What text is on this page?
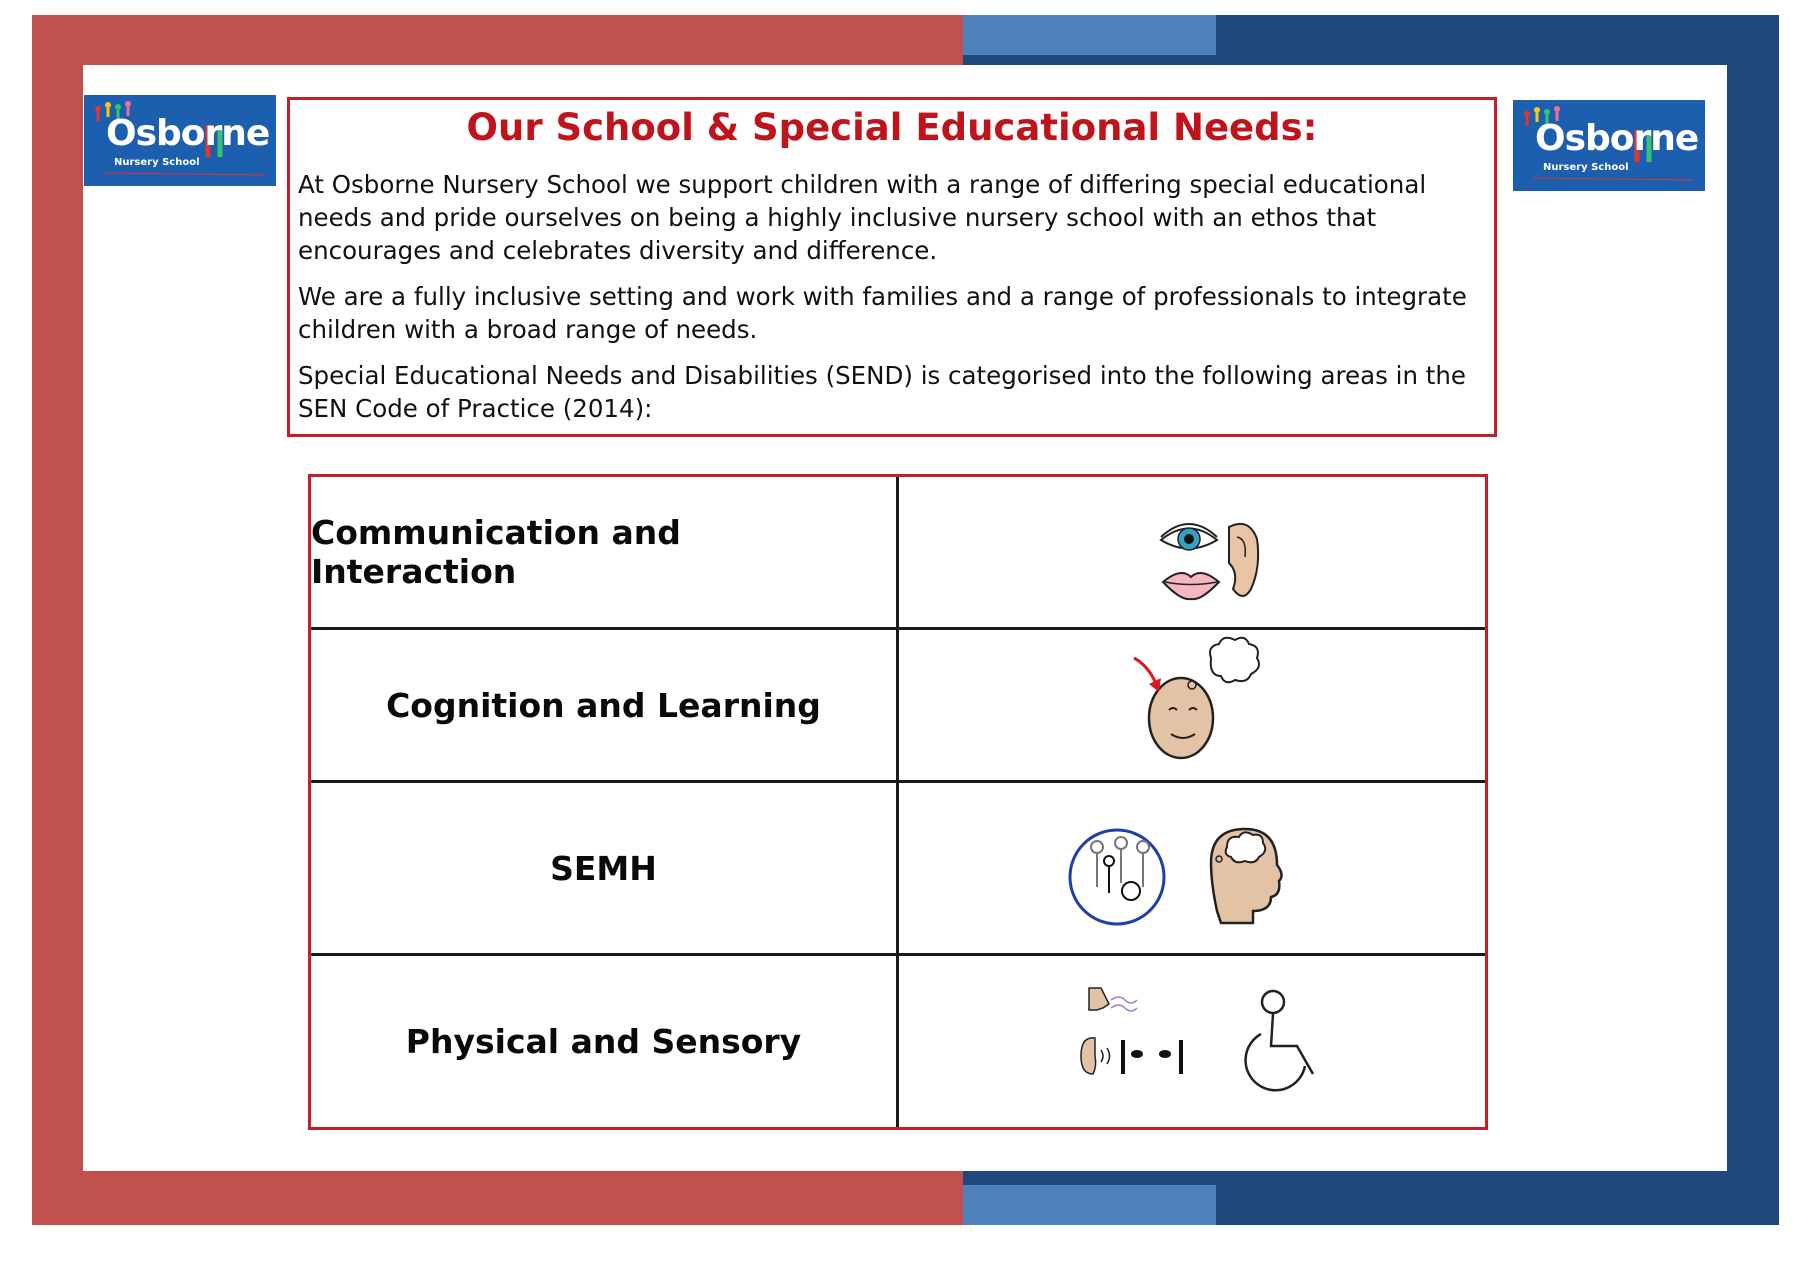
Osborne
Nursery School
Osborne
Nursery School
Our School & Special Educational Needs:

At Osborne Nursery School we support children with a range of differing special educational needs and pride ourselves on being a highly inclusive nursery school with an ethos that encourages and celebrates diversity and difference.

We are a fully inclusive setting and work with families and a range of professionals to integrate children with a broad range of needs.

Special Educational Needs and Disabilities (SEND) is categorised into the following areas in the SEN Code of Practice (2014):

Communication and Interaction
Cognition and Learning
SEMH
Physical and Sensory
